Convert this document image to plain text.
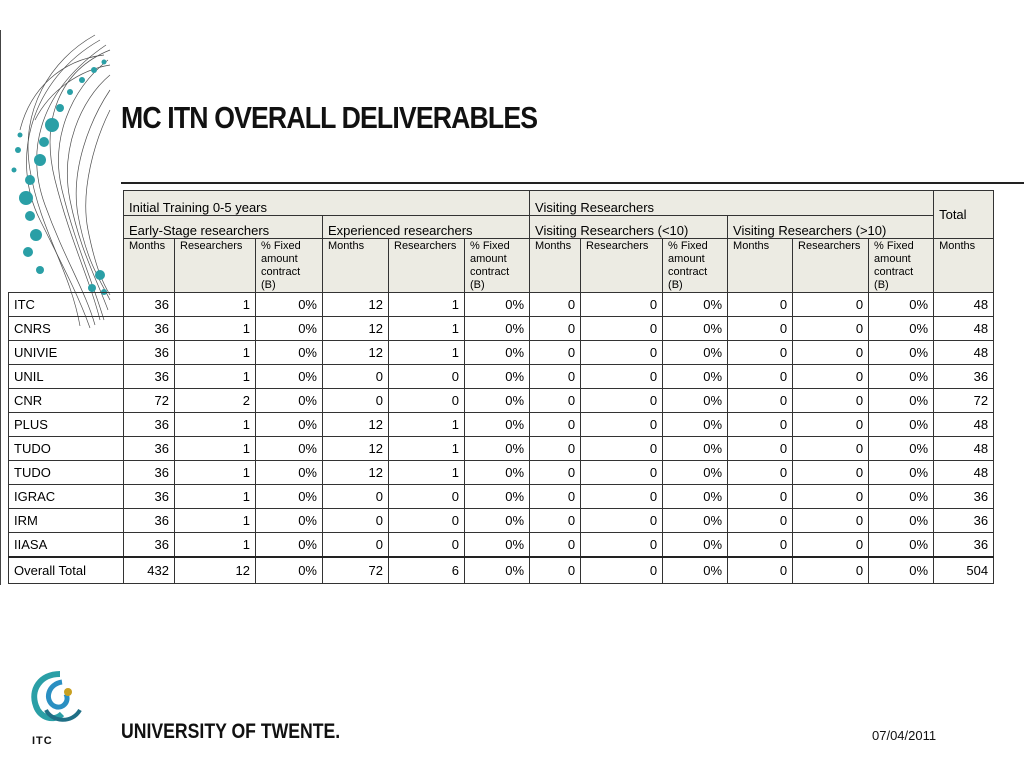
MC ITN OVERALL DELIVERABLES
	Initial Training 0-5 years						Visiting Researchers						Total
	Early-Stage researchers			Experienced researchers			Visiting Researchers (<10)			Visiting Researchers (>10)			
	Months	Researchers	% Fixed amount contract (B)	Months	Researchers	% Fixed amount contract (B)	Months	Researchers	% Fixed amount contract (B)	Months	Researchers	% Fixed amount contract (B)	Months
ITC	36	1	0%	12	1	0%	0	0	0%	0	0	0%	48
CNRS	36	1	0%	12	1	0%	0	0	0%	0	0	0%	48
UNIVIE	36	1	0%	12	1	0%	0	0	0%	0	0	0%	48
UNIL	36	1	0%	0	0	0%	0	0	0%	0	0	0%	36
CNR	72	2	0%	0	0	0%	0	0	0%	0	0	0%	72
PLUS	36	1	0%	12	1	0%	0	0	0%	0	0	0%	48
TUDO	36	1	0%	12	1	0%	0	0	0%	0	0	0%	48
TUDO	36	1	0%	12	1	0%	0	0	0%	0	0	0%	48
IGRAC	36	1	0%	0	0	0%	0	0	0%	0	0	0%	36
IRM	36	1	0%	0	0	0%	0	0	0%	0	0	0%	36
IIASA	36	1	0%	0	0	0%	0	0	0%	0	0	0%	36
Overall Total	432	12	0%	72	6	0%	0	0	0%	0	0	0%	504
ITC	UNIVERSITY OF TWENTE.	07/04/2011
